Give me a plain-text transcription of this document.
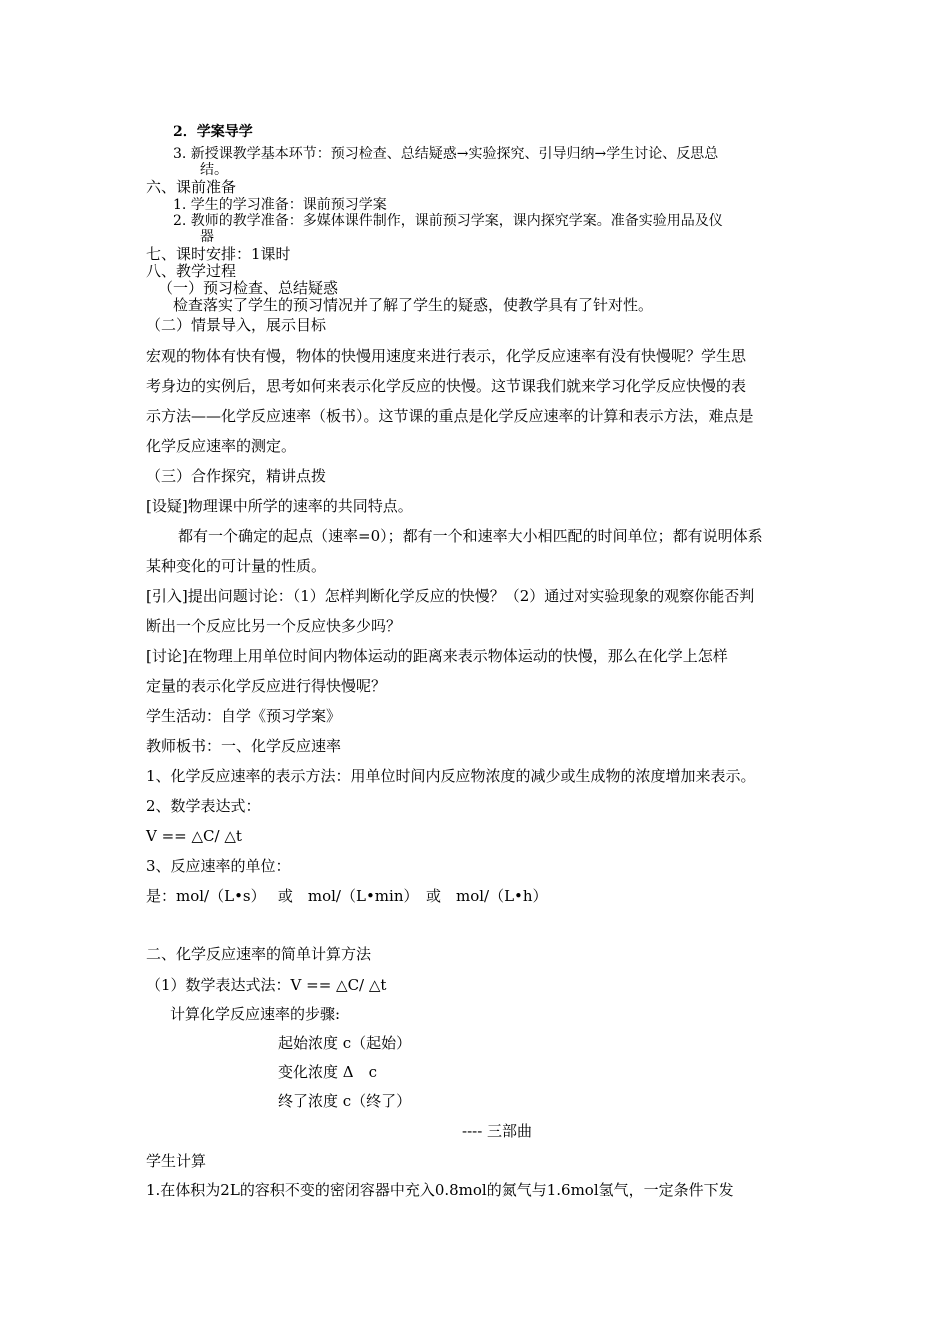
2．学案导学
3. 新授课教学基本环节：预习检查、总结疑惑→实验探究、引导归纳→学生讨论、反思总
结。
六、课前准备
1. 学生的学习准备：课前预习学案
2. 教师的教学准备：多媒体课件制作，课前预习学案，课内探究学案。准备实验用品及仪
器
七、课时安排：1课时
八、教学过程
（一）预习检查、总结疑惑
检查落实了学生的预习情况并了解了学生的疑惑，使教学具有了针对性。
（二）情景导入，展示目标
宏观的物体有快有慢，物体的快慢用速度来进行表示，化学反应速率有没有快慢呢？学生思
考身边的实例后，思考如何来表示化学反应的快慢。这节课我们就来学习化学反应快慢的表
示方法——化学反应速率（板书）。这节课的重点是化学反应速率的计算和表示方法，难点是
化学反应速率的测定。
（三）合作探究，精讲点拨
[设疑]物理课中所学的速率的共同特点。
都有一个确定的起点（速率=0）；都有一个和速率大小相匹配的时间单位；都有说明体系
某种变化的可计量的性质。
[引入]提出问题讨论：（1）怎样判断化学反应的快慢？（2）通过对实验现象的观察你能否判
断出一个反应比另一个反应快多少吗？
[讨论]在物理上用单位时间内物体运动的距离来表示物体运动的快慢，那么在化学上怎样
定量的表示化学反应进行得快慢呢？
学生活动：自学《预习学案》
教师板书：一、化学反应速率
1、化学反应速率的表示方法：用单位时间内反应物浓度的减少或生成物的浓度增加来表示。
2、数学表达式：
V == △C/ △t
3、反应速率的单位：
是：mol/（L•s）　 或　mol/（L•min）　或　mol/（L•h）
二、化学反应速率的简单计算方法
（1）数学表达式法：V == △C/ △t
计算化学反应速率的步骤:
起始浓度 c（起始）
变化浓度 Δ　c
终了浓度 c（终了）
---- 三部曲
学生计算
1.在体积为2L的容积不变的密闭容器中充入0.8mol的氮气与1.6mol氢气，一定条件下发
